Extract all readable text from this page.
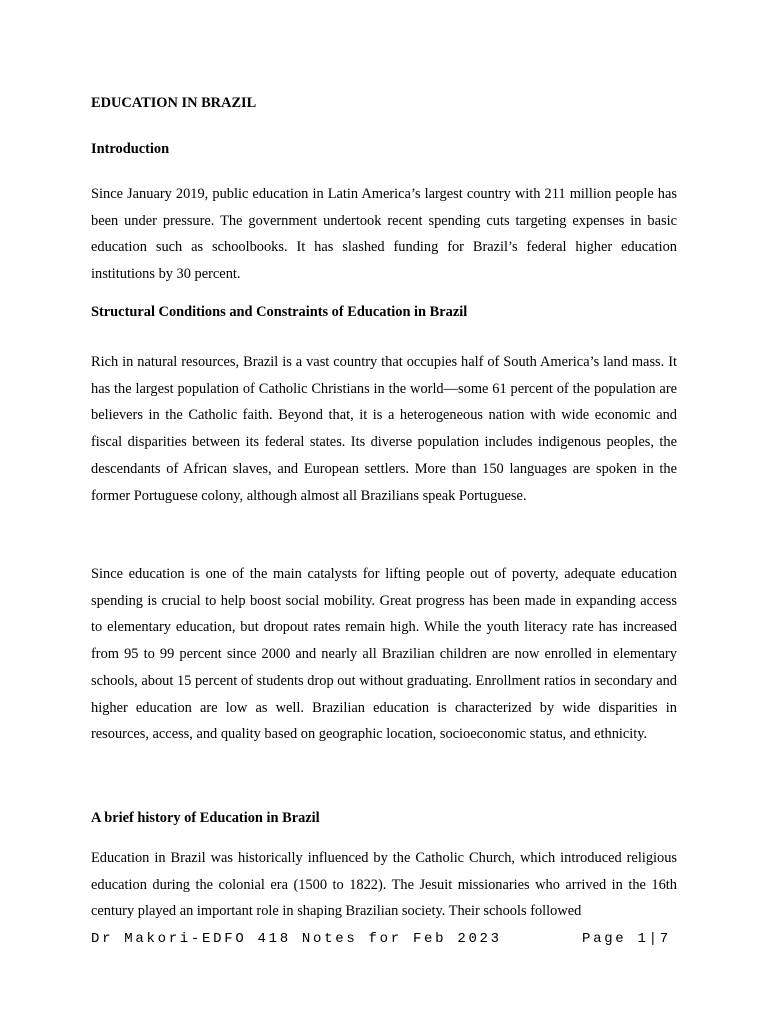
EDUCATION IN BRAZIL
Introduction

Since January 2019, public education in Latin America’s largest country with 211 million people has been under pressure. The government undertook recent spending cuts targeting expenses in basic education such as schoolbooks. It has slashed funding for Brazil’s federal higher education institutions by 30 percent.

Structural Conditions and Constraints of Education in Brazil

Rich in natural resources, Brazil is a vast country that occupies half of South America’s land mass. It has the largest population of Catholic Christians in the world—some 61 percent of the population are believers in the Catholic faith. Beyond that, it is a heterogeneous nation with wide economic and fiscal disparities between its federal states. Its diverse population includes indigenous peoples, the descendants of African slaves, and European settlers. More than 150 languages are spoken in the former Portuguese colony, although almost all Brazilians speak Portuguese.

Since education is one of the main catalysts for lifting people out of poverty, adequate education spending is crucial to help boost social mobility. Great progress has been made in expanding access to elementary education, but dropout rates remain high. While the youth literacy rate has increased from 95 to 99 percent since 2000 and nearly all Brazilian children are now enrolled in elementary schools, about 15 percent of students drop out without graduating. Enrollment ratios in secondary and higher education are low as well. Brazilian education is characterized by wide disparities in resources, access, and quality based on geographic location, socioeconomic status, and ethnicity.

A brief history of Education in Brazil

Education in Brazil was historically influenced by the Catholic Church, which introduced religious education during the colonial era (1500 to 1822). The Jesuit missionaries who arrived in the 16th century played an important role in shaping Brazilian society. Their schools followed

Dr Makori-EDFO 418 Notes for Feb 2023	Page 1|7
